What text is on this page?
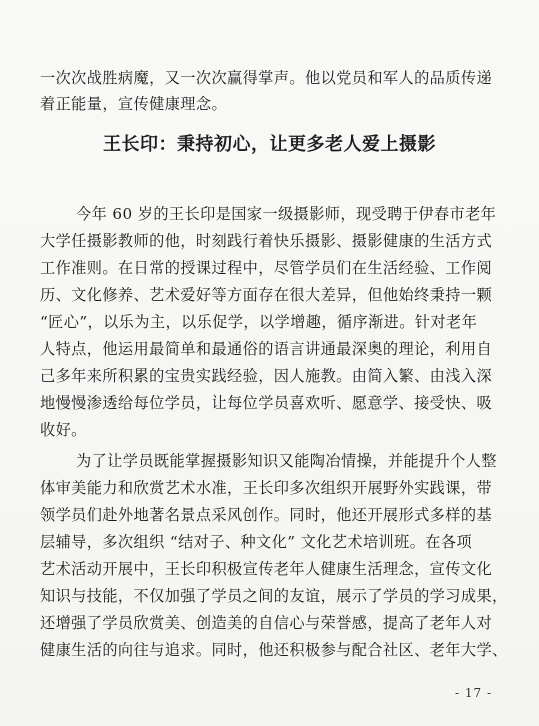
一次次战胜病魔，又一次次赢得掌声。他以党员和军人的品质传递
着正能量，宣传健康理念。
王长印：秉持初心，让更多老人爱上摄影
今年 60 岁的王长印是国家一级摄影师，现受聘于伊春市老年
大学任摄影教师的他，时刻践行着快乐摄影、摄影健康的生活方式
工作准则。在日常的授课过程中，尽管学员们在生活经验、工作阅
历、文化修养、艺术爱好等方面存在很大差异，但他始终秉持一颗
“匠心”，以乐为主，以乐促学，以学增趣，循序渐进。针对老年
人特点，他运用最简单和最通俗的语言讲通最深奥的理论，利用自
己多年来所积累的宝贵实践经验，因人施教。由简入繁、由浅入深
地慢慢渗透给每位学员，让每位学员喜欢听、愿意学、接受快、吸
收好。
为了让学员既能掌握摄影知识又能陶冶情操，并能提升个人整
体审美能力和欣赏艺术水准，王长印多次组织开展野外实践课，带
领学员们赴外地著名景点采风创作。同时，他还开展形式多样的基
层辅导，多次组织 “结对子、种文化” 文化艺术培训班。在各项
艺术活动开展中，王长印积极宣传老年人健康生活理念，宣传文化
知识与技能，不仅加强了学员之间的友谊，展示了学员的学习成果，
还增强了学员欣赏美、创造美的自信心与荣誉感，提高了老年人对
健康生活的向往与追求。同时，他还积极参与配合社区、老年大学、
- 17 -
